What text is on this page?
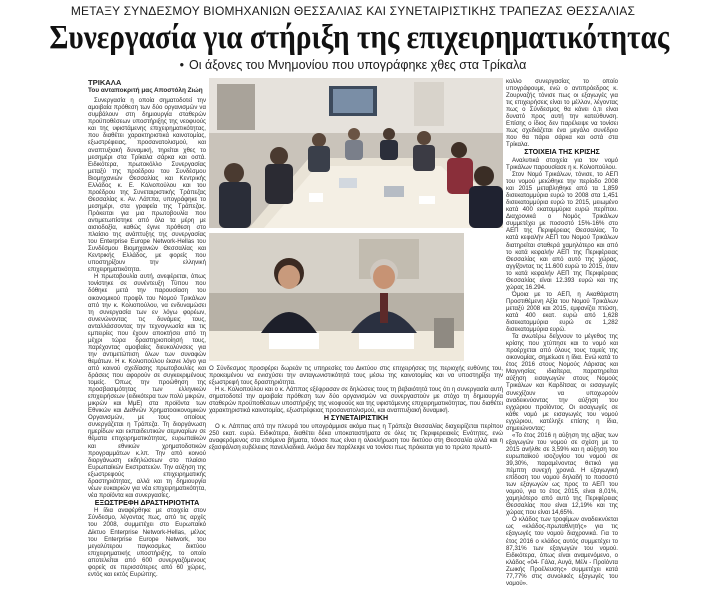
ΜΕΤΑΞΥ ΣΥΝΔΕΣΜΟΥ ΒΙΟΜΗΧΑΝΙΩΝ ΘΕΣΣΑΛΙΑΣ ΚΑΙ ΣΥΝΕΤΑΙΡΙΣΤΙΚΗΣ ΤΡΑΠΕΖΑΣ ΘΕΣΣΑΛΙΑΣ
Συνεργασία για στήριξη της επιχειρηματικότητας
• Οι άξονες του Μνημονίου που υπογράφηκε χθες στα Τρίκαλα
ΤΡΙΚΑΛΑ
Του ανταποκριτή μας Αποστόλη Ζιώη

Συνεργασία η οποία σηματοδοτεί την αμοιβαία πρόθεση των δύο οργανισμών να συμβάλουν στη δημιουργία σταθερών προϋποθέσεων υποστήριξης της νεοφυούς και της υφιστάμενης επιχειρηματικότητας, που διαθέτει χαρακτηριστικά καινοτομίας, εξωστρέφειας, προσανατολισμού, και αναπτυξιακή δυναμική, τηρείται χθες το μεσημέρι στα Τρίκαλα σάρκα και οστά. Ειδικότερα, πρωτοκόλλο Συνεργασίας μεταξύ της προέδρου του Συνδέσμου Βιομηχανιών Θεσσαλίας και Κεντρικής Ελλάδος κ. Ε. Κολιοπούλου και του προέδρου της Συνεταιριστικής Τράπεζας Θεσσαλίας κ. Αν. Λάππα, υπογράφηκε το μεσημέρι, στα γραφεία της Τράπεζας. Πρόκειται για μια πρωτοβουλία που αντιμετωπίστηκε από όλα τα μέρη με αισιοδοξία, καθώς έγινε πρόθεση στο πλαίσιο της ανάπτυξης της συνεργασίας του Enterprise Europe Network-Hellas του Συνδέσμου Βιομηχανιών Θεσσαλίας και Κεντρικής Ελλάδος, με φορείς που υποστηρίζουν την ελληνική επιχειρηματικότητα.

Η πρωτοβουλία αυτή, ανεφέρεται, όπως τονίστηκε σε συνέντευξη Τύπου που δόθηκε μετά την παρουσίαση του οικονομικού προφίλ του Νομού Τρικάλων από την κ. Κολιοπούλου, να ενδυναμώσει τη συνεργασία των εν λόγω φορέων, συνενώνοντας τις δυνάμεις τους, ανταλλάσσοντας την τεχνογνωσία και τις εμπειρίες που έχουν αποκτήσει από τη μέχρι τώρα δραστηριοποίησή τους, παρέχοντας αμοιβαίες διευκολύνσεις για την αντιμετώπιση όλων των συναφών θεμάτων. Η κ. Κολιοπούλου έκανε λόγο για από κοινού σχεδίασης πρωτοβουλίες και δράσεις που αφορούν σε συγκεκριμένους τομείς. Όπως την προώθηση της προσβασιμότητας των ελληνικών επιχειρήσεων (ειδικότερα των πολύ μικρών, μικρών και ΜμΕ) στα προϊόντα των Εθνικών και Διεθνών Χρηματοοικονομικών Οργανισμών, με τους οποίους συνεργάζεται η Τράπεζα. Τη διοργάνωση ημερίδων και εκπαιδευτικών σεμιναρίων σε θέματα επιχειρηματικότητας, ευρωπαϊκών και εθνικών χρηματοδοτικών προγραμμάτων κ.λπ. Την από κοινού διοργάνωση εκδηλώσεων στο πλαίσιο Ευρωπαϊκών Εκστρατειών. Την αύξηση της εξωστρεφούς επιχειρηματικής δραστηριότητας, αλλά και τη δημιουργία νέων ευκαιριών για νέα επιχειρηματικότητα, νέα προϊόντα και συνεργασίες.

ΕΞΩΣΤΡΕΦΗ ΔΡΑΣΤΗΡΙΟΤΗΤΑ

Η ίδια αναφέρθηκε με στοιχεία στον Σύνδεσμο, λέγοντας πως, από τις αρχές του 2008, συμμετέχει στο Ευρωπαϊκό Δίκτυο Enterprise Network-Hellas, μέλος του Enterprise Europe Network, του μεγαλύτερου παγκοσμίως δικτύου επιχειρηματικής υποστήριξης, το οποίο αποτελείται από 600 συνεργαζόμενους φορείς σε περισσότερες από 60 χώρες, εντός και εκτός Ευρώπης.

κολλο συνεργασίας το οποίο υπογράφουμε, ενώ ο αντιπρόεδρος κ. Ζουρναζής τόνισε πως οι εξαγωγές για τις επιχειρήσεις είναι το μέλλον, λέγοντας πως ο Σύνδεσμος θα κάνει ό,τι είναι δυνατό προς αυτή την κατεύθυνση. Επίσης ο ίδιος δεν παρέλειψε να τονίσει πως σχεδιάζεται ένα μεγάλο συνέδριο που θα πάρει σάρκα και οστά στα Τρίκαλα.

ΣΤΟΙΧΕΙΑ ΤΗΣ ΚΡΙΣΗΣ

Αναλυτικά στοιχεία για τον νομό Τρικάλων παρουσίασε η κ. Κολιοπούλου.

Στον Νομό Τρικάλων, τόνισε, το ΑΕΠ του νομού μειώθηκε την περίοδο 2008 και 2015 μεταβληθηκε από τα 1,859 δισεκατομμύρια ευρώ το 2008 στα 1,451 δισεκατομμύρια ευρώ το 2015, μειωμένο κατά 400 εκατομμύρια ευρώ περίπου. Διαχρονικά ο Νομός Τρικάλων συμμετέχει με ποσοστό 15%-16% στο ΑΕΠ της Περιφέρειας Θεσσαλίας. Το κατά κεφαλήν ΑΕΠ του Νομού Τρικάλων διατηρείται σταθερά χαμηλότερο και από το κατά κεφαλήν ΑΕΠ της Περιφέρειας Θεσσαλίας και από αυτό της χώρας, αγγίζοντας τις 11.600 ευρώ το 2015, όταν το κατά κεφαλήν ΑΕΠ της Περιφέρειας Θεσσαλίας είναι 12.393 ευρώ και της χώρας 16.294.

Όμοια με το ΑΕΠ, η Ακαθάριστη Προστιθέμενη Αξία του Νομού Τρικάλων μεταξύ 2008 και 2015, εμφανίζει πτώση, κατά 400 εκατ. ευρώ από 1,628 δισεκατομμύρια ευρώ σε 1,282 δισεκατομμύρια ευρώ.

Τα ανωτέρω δείχνουν το μέγεθος της κρίσης που χτύπησε και το νομό και προέρχεται από όλους τους τομείς της οικονομίας, σημείωσε η ίδια. Ενώ κατά το έτος 2016 στους Νομούς Λάρισας και Μαγνησίας ιδιαίτερα, παρατηρείται αύξηση εισαγωγών στους Νομούς Τρικάλων και Καρδίτσας οι εισαγωγές συνεχίζουν να υποχωρούν αναδεικνύοντας την αύξηση του εγχώριου προϊόντος. Οι εισαγωγές σε κάθε νομό με εισαγωγές του νομού εγχώριου, κατέληξε επίσης η ίδια, σημειώνοντας:

«Το έτος 2016 η αύξηση της αξίας των εξαγωγών του νομού σε σχέση με το 2015 ανήλθε σε 3,59% και η αύξηση του ευρωπαϊκού ισοζυγίου του νομού σε 39,30%, παραμένοντας θετικό για πέμπτη συνεχή χρονιά. Η εξαγωγική επίδοση του νομού δηλαδή το ποσοστό των εξαγωγών ως προς το ΑΕΠ του νομού, για το έτος 2015, είναι 8,01%, χαμηλότερο από αυτό της Περιφέρειας Θεσσαλίας που είναι 12,19% και της χώρας που είναι 14,65%.

Ο κλάδος των τροφίμων αναδεικνύεται ως «κλάδος-πρωταθλητής» για τις εξαγωγές του νομού διαχρονικά. Για το έτος 2016 ο κλάδος αυτός συμμετέχει το 87,31% των εξαγωγών του νομού. Ειδικότερα, όπως είναι αναμενόμενο, ο κλάδος «04- Γάλα, Αυγά, Μέλι - Προϊόντα Ζωικής Προέλευσης» συμμετέχει κατά 77,77% στις συνολικές εξαγωγές του νομού».

Ο Σύνδεσμος προσφέρει δωρεάν τις υπηρεσίες του Δικτύου στις επιχειρήσεις της περιοχής ευθύνης του, προκειμένου να ενισχύσει την ανταγωνιστικότητά τους μέσω της καινοτομίας και να υποστηρίξει την εξωστρεφή τους δραστηριότητα.

Η κ. Κολιοπούλου και ο κ. Λάππας εξέφρασαν σε δηλώσεις τους τη βεβαιότητά τους ότι η συνεργασία αυτή σηματοδοτεί την αμοιβαία πρόθεση των δύο οργανισμών να συνεργαστούν με στόχο τη δημιουργία σταθερών προϋποθέσεων υποστήριξης της νεοφυούς και της υφιστάμενης επιχειρηματικότητας, που διαθέτει χαρακτηριστικά καινοτομίας, εξωστρέφειας προσανατολισμού, και αναπτυξιακή δυναμική.

Η ΣΥΝΕΤΑΙΡΙΣΤΙΚΗ

Ο κ. Λάππας από την πλευρά του υπογράμμισε ακόμα πως η Τράπεζα Θεσσαλίας διαχειρίζεται περίπου 250 εκατ. ευρώ. Ειδικότερα, διαθέτει δέκα υποκαταστήματα σε όλες τις Περιφερειακές Ενότητες, ενώ αναφερόμενος στα επόμενα βήματα, τόνισε πως είναι η ολοκλήρωση του δικτύου στη Θεσσαλία αλλά και η εξασφάλιση ευβέλειας πανελλαδικά. Ακόμα δεν παρέλειψε να τονίσει πως πρόκειται για το πρώτο πρωτό-
